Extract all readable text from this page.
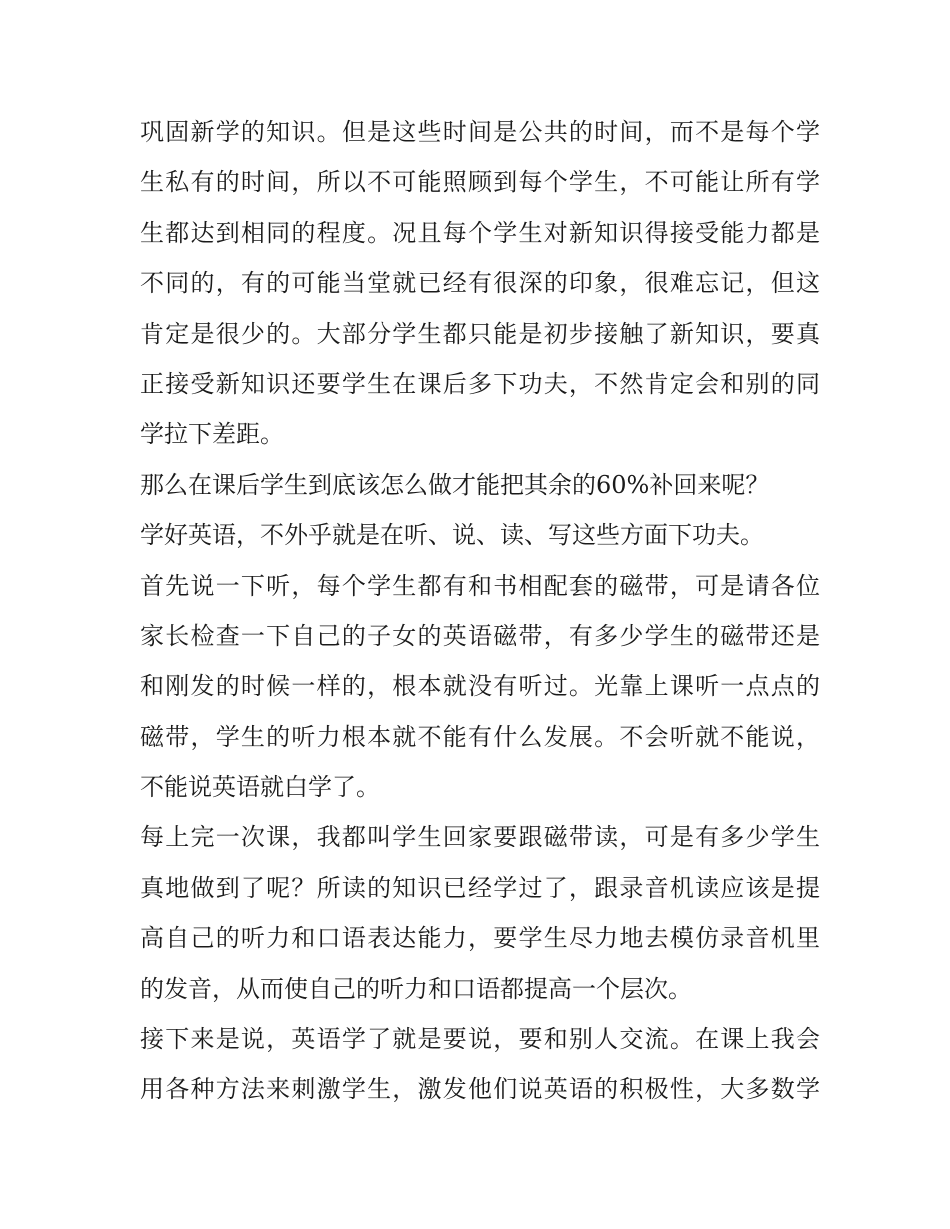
巩固新学的知识。但是这些时间是公共的时间，而不是每个学
生私有的时间，所以不可能照顾到每个学生，不可能让所有学
生都达到相同的程度。况且每个学生对新知识得接受能力都是
不同的，有的可能当堂就已经有很深的印象，很难忘记，但这
肯定是很少的。大部分学生都只能是初步接触了新知识，要真
正接受新知识还要学生在课后多下功夫，不然肯定会和别的同
学拉下差距。
那么在课后学生到底该怎么做才能把其余的60%补回来呢？
学好英语，不外乎就是在听、说、读、写这些方面下功夫。
首先说一下听，每个学生都有和书相配套的磁带，可是请各位
家长检查一下自己的子女的英语磁带，有多少学生的磁带还是
和刚发的时候一样的，根本就没有听过。光靠上课听一点点的
磁带，学生的听力根本就不能有什么发展。不会听就不能说，
不能说英语就白学了。
每上完一次课，我都叫学生回家要跟磁带读，可是有多少学生
真地做到了呢？所读的知识已经学过了，跟录音机读应该是提
高自己的听力和口语表达能力，要学生尽力地去模仿录音机里
的发音，从而使自己的听力和口语都提高一个层次。
接下来是说，英语学了就是要说，要和别人交流。在课上我会
用各种方法来刺激学生，激发他们说英语的积极性，大多数学
